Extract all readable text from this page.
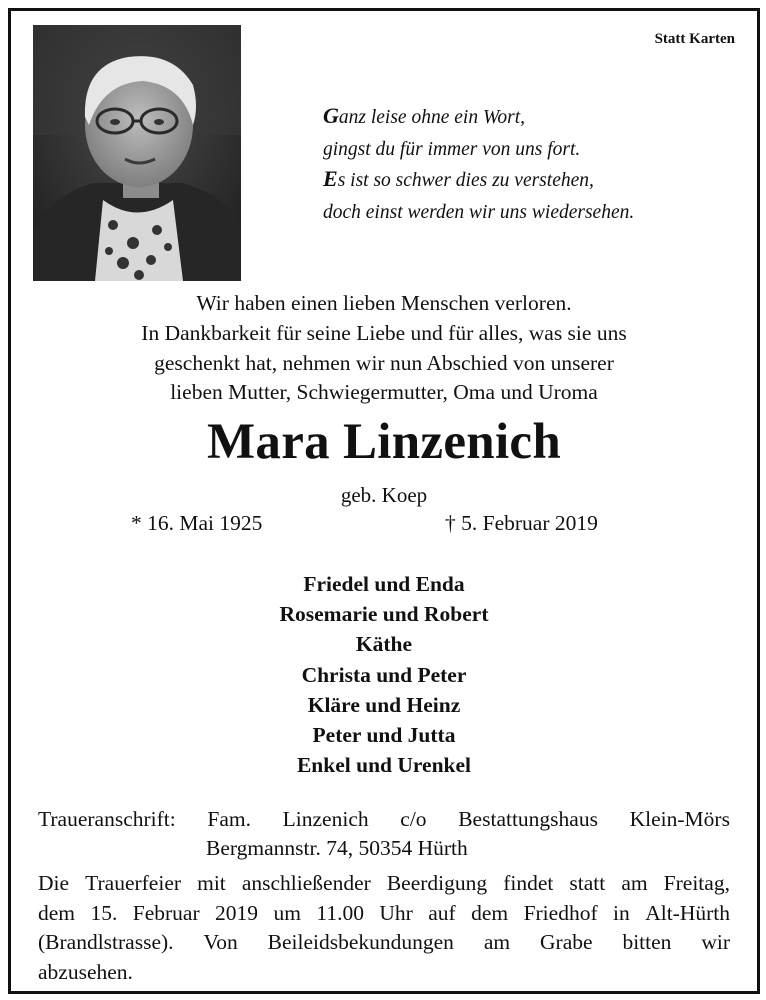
Statt Karten
Ganz leise ohne ein Wort,
gingst du für immer von uns fort.
Es ist so schwer dies zu verstehen,
doch einst werden wir uns wiedersehen.
Wir haben einen lieben Menschen verloren.
In Dankbarkeit für seine Liebe und für alles, was sie uns
geschenkt hat, nehmen wir nun Abschied von unserer
lieben Mutter, Schwiegermutter, Oma und Uroma
Mara Linzenich
geb. Koep
* 16. Mai 1925	† 5. Februar 2019
Friedel und Enda
Rosemarie und Robert
Käthe
Christa und Peter
Kläre und Heinz
Peter und Jutta
Enkel und Urenkel
Traueranschrift: Fam. Linzenich c/o Bestattungshaus Klein-Mörs
Bergmannstr. 74, 50354 Hürth
Die Trauerfeier mit anschließender Beerdigung findet statt am Freitag,
dem 15. Februar 2019 um 11.00 Uhr auf dem Friedhof in Alt-Hürth
(Brandlstrasse). Von Beileidsbekundungen am Grabe bitten wir
abzusehen.
